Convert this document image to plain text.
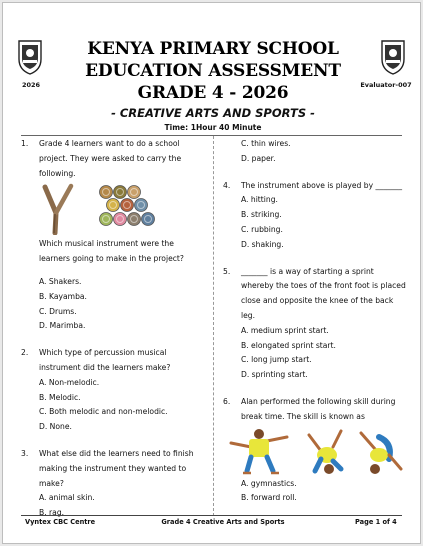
2026	Evaluator-007
KENYA PRIMARY SCHOOL
EDUCATION ASSESSMENT
GRADE 4 - 2026
- CREATIVE ARTS AND SPORTS -
Time: 1Hour 40 Minute
1.	Grade 4 learners want to do a school project. They were asked to carry the following.
Which musical instrument were the learners going to make in the project?
A. Shakers.
B. Kayamba.
C. Drums.
D. Marimba.
2.	Which type of percussion musical instrument did the learners make?
A. Non-melodic.
B. Melodic.
C. Both melodic and non-melodic.
D. None.
3.	What else did the learners need to finish making the instrument they wanted to make?
A. animal skin.
B. rag.
C. thin wires.
D. paper.
4.	The instrument above is played by _______
A. hitting.
B. striking.
C. rubbing.
D. shaking.
5.	_______ is a way of starting a sprint whereby the toes of the front foot is placed close and opposite the knee of the back leg.
A. medium sprint start.
B. elongated sprint start.
C. long jump start.
D. sprinting start.
6.	Alan performed the following skill during break time. The skill is known as
A. gymnastics.
B. forward roll.
Vyntex CBC Centre	Grade 4 Creative Arts and Sports	Page 1 of 4
